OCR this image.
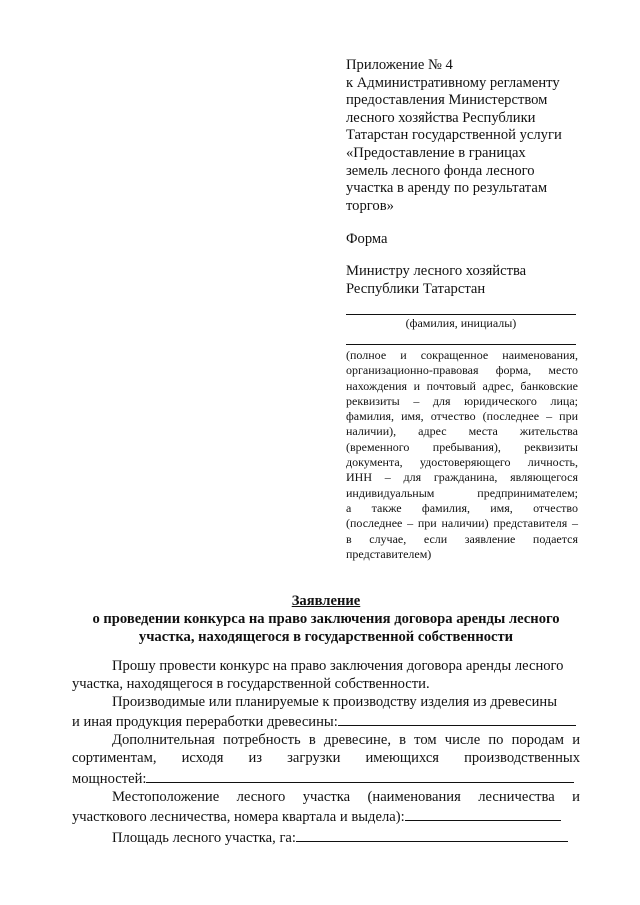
Приложение № 4
к Административному регламенту
предоставления Министерством
лесного хозяйства Республики
Татарстан государственной услуги
«Предоставление в границах
земель лесного фонда лесного
участка в аренду по результатам
торгов»
Форма
Министру лесного хозяйства
Республики Татарстан
(фамилия, инициалы)
(полное и сокращенное наименования,
организационно-правовая форма, место
нахождения и почтовый адрес, банковские
реквизиты – для юридического лица;
фамилия, имя, отчество (последнее – при
наличии), адрес места жительства
(временного пребывания), реквизиты
документа, удостоверяющего личность,
ИНН – для гражданина, являющегося
индивидуальным предпринимателем;
а также фамилия, имя, отчество
(последнее – при наличии) представителя –
в случае, если заявление подается
представителем)
Заявление
о проведении конкурса на право заключения договора аренды лесного
участка, находящегося в государственной собственности
Прошу провести конкурс на право заключения договора аренды лесного
участка, находящегося в государственной собственности.
Производимые или планируемые к производству изделия из древесины
и иная продукция переработки древесины:
Дополнительная потребность в древесине, в том числе по породам и
сортиментам, исходя из загрузки имеющихся производственных
мощностей:
Местоположение лесного участка (наименования лесничества и
участкового лесничества, номера квартала и выдела):
Площадь лесного участка, га:
